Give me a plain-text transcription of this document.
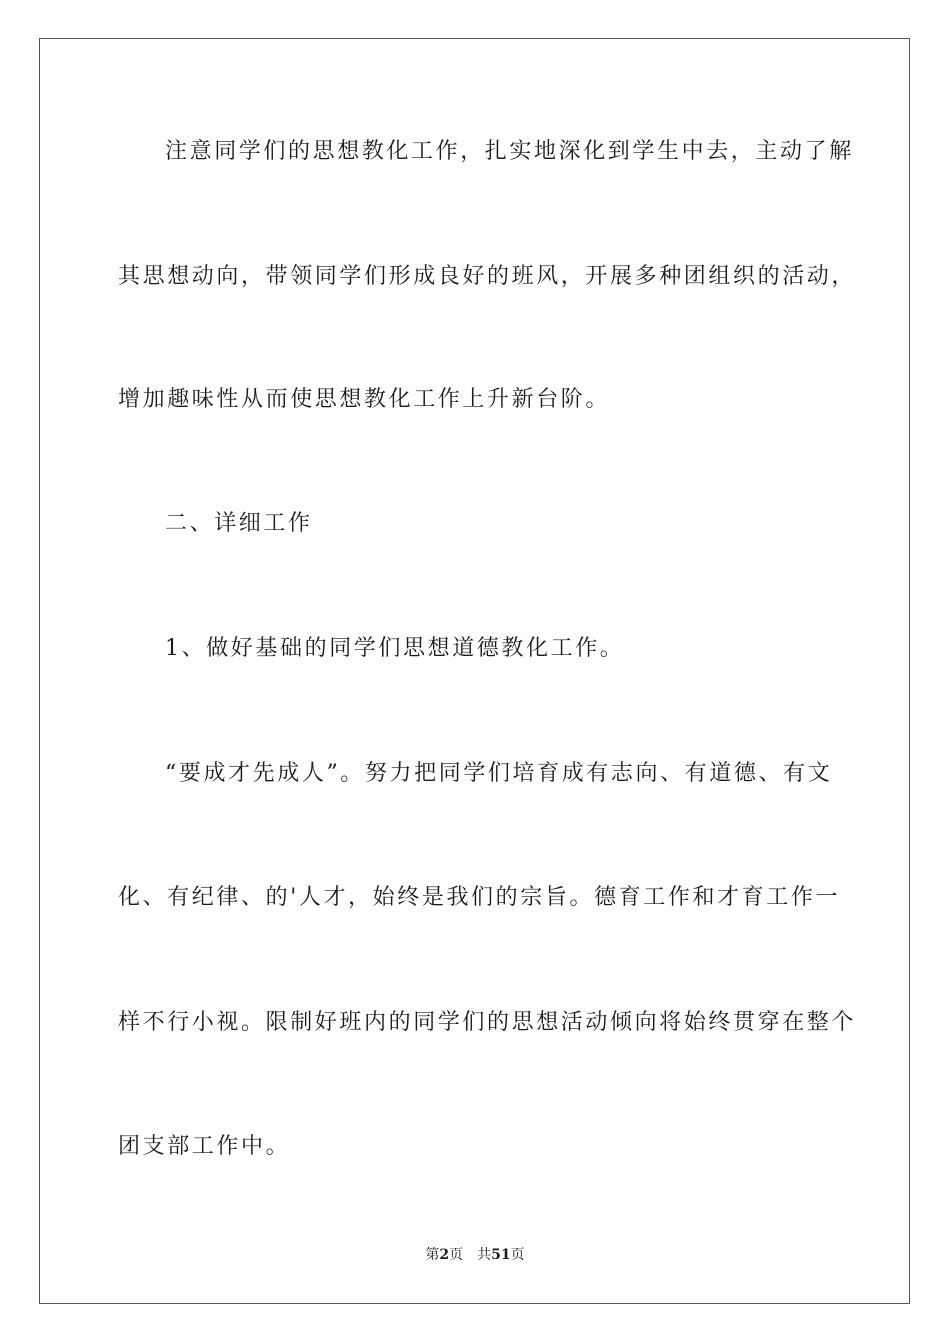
注意同学们的思想教化工作，扎实地深化到学生中去，主动了解
其思想动向，带领同学们形成良好的班风，开展多种团组织的活动，
增加趣味性从而使思想教化工作上升新台阶。
二、详细工作
1、做好基础的同学们思想道德教化工作。
“要成才先成人”。努力把同学们培育成有志向、有道德、有文
化、有纪律、的'人才，始终是我们的宗旨。德育工作和才育工作一
样不行小视。限制好班内的同学们的思想活动倾向将始终贯穿在整个
团支部工作中。
第2页 共51页
